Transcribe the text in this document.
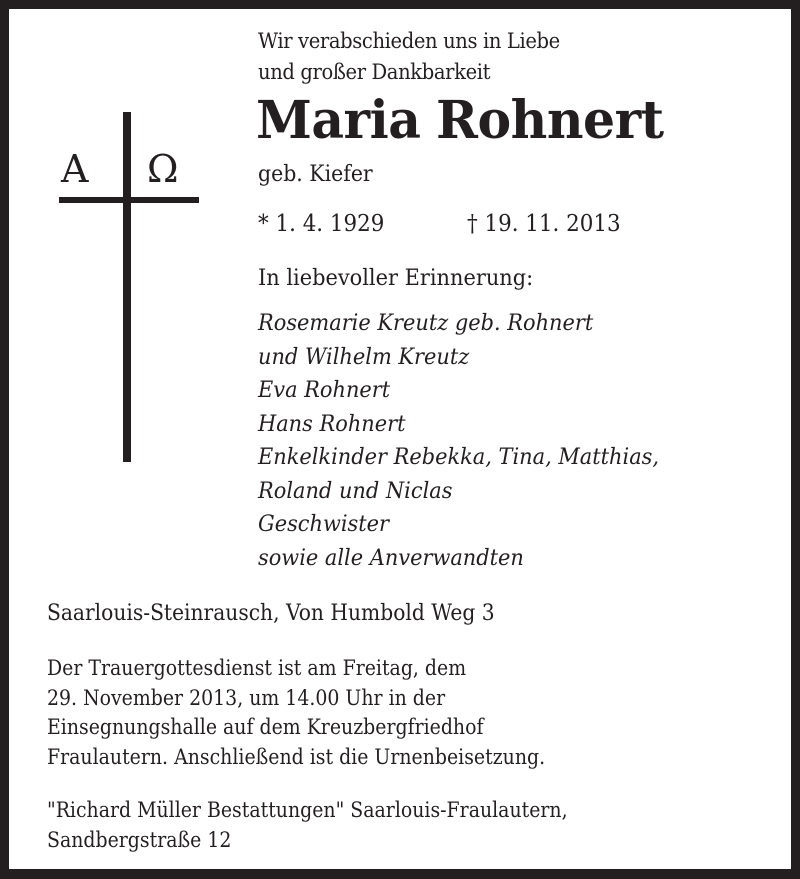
A Ω
Wir verabschieden uns in Liebe
und großer Dankbarkeit
Maria Rohnert
geb. Kiefer
* 1. 4. 1929	† 19. 11. 2013
In liebevoller Erinnerung:
Rosemarie Kreutz geb. Rohnert
und Wilhelm Kreutz
Eva Rohnert
Hans Rohnert
Enkelkinder Rebekka, Tina, Matthias,
Roland und Niclas
Geschwister
sowie alle Anverwandten
Saarlouis-Steinrausch, Von Humbold Weg 3
Der Trauergottesdienst ist am Freitag, dem
29. November 2013, um 14.00 Uhr in der
Einsegnungshalle auf dem Kreuzbergfriedhof
Fraulautern. Anschließend ist die Urnenbeisetzung.
"Richard Müller Bestattungen" Saarlouis-Fraulautern,
Sandbergstraße 12
